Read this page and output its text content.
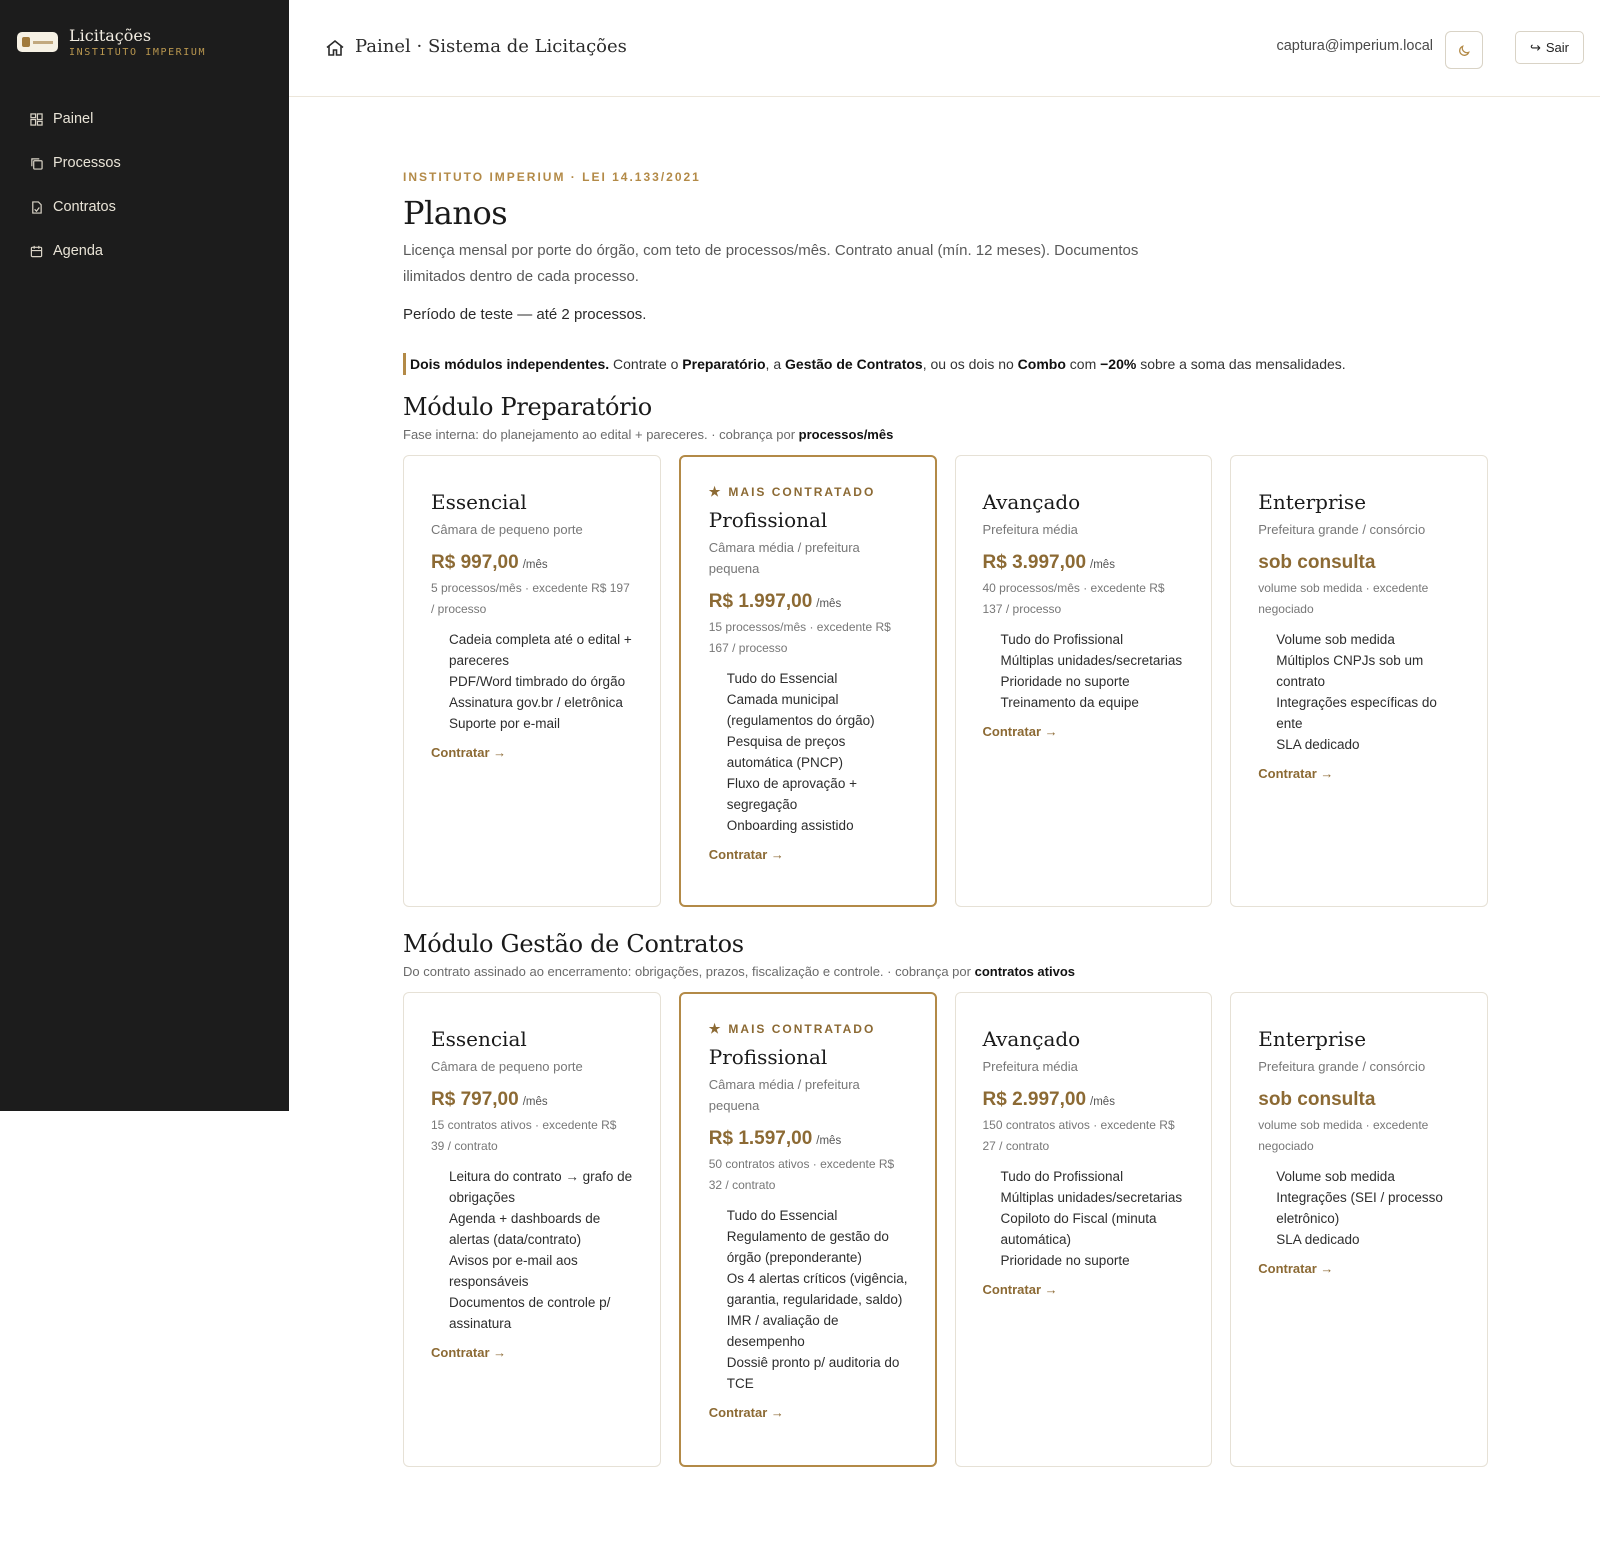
Licitações
INSTITUTO IMPERIUM
Painel
Processos
Contratos
Agenda
Painel · Sistema de Licitações	captura@imperium.local	↪ Sair
INSTITUTO IMPERIUM · LEI 14.133/2021
Planos

Licença mensal por porte do órgão, com teto de processos/mês. Contrato anual (mín. 12 meses). Documentos ilimitados dentro de cada processo.

Período de teste — até 2 processos.

Dois módulos independentes. Contrate o Preparatório, a Gestão de Contratos, ou os dois no Combo com −20% sobre a soma das mensalidades.
Módulo Preparatório

Fase interna: do planejamento ao edital + pareceres. · cobrança por processos/mês

Essencial
Câmara de pequeno porte
R$ 997,00 /mês
5 processos/mês · excedente R$ 197 / processo
Cadeia completa até o edital + pareceres
PDF/Word timbrado do órgão
Assinatura gov.br / eletrônica
Suporte por e-mail
Contratar →
★ MAIS CONTRATADO
Profissional
Câmara média / prefeitura pequena
R$ 1.997,00 /mês
15 processos/mês · excedente R$ 167 / processo
Tudo do Essencial
Camada municipal (regulamentos do órgão)
Pesquisa de preços automática (PNCP)
Fluxo de aprovação + segregação
Onboarding assistido
Contratar →
Avançado
Prefeitura média
R$ 3.997,00 /mês
40 processos/mês · excedente R$ 137 / processo
Tudo do Profissional
Múltiplas unidades/secretarias
Prioridade no suporte
Treinamento da equipe
Contratar →
Enterprise
Prefeitura grande / consórcio
sob consulta
volume sob medida · excedente negociado
Volume sob medida
Múltiplos CNPJs sob um contrato
Integrações específicas do ente
SLA dedicado
Contratar →
Módulo Gestão de Contratos

Do contrato assinado ao encerramento: obrigações, prazos, fiscalização e controle. · cobrança por contratos ativos

Essencial
Câmara de pequeno porte
R$ 797,00 /mês
15 contratos ativos · excedente R$ 39 / contrato
Leitura do contrato → grafo de obrigações
Agenda + dashboards de alertas (data/contrato)
Avisos por e-mail aos responsáveis
Documentos de controle p/ assinatura
Contratar →
★ MAIS CONTRATADO
Profissional
Câmara média / prefeitura pequena
R$ 1.597,00 /mês
50 contratos ativos · excedente R$ 32 / contrato
Tudo do Essencial
Regulamento de gestão do órgão (preponderante)
Os 4 alertas críticos (vigência, garantia, regularidade, saldo)
IMR / avaliação de desempenho
Dossiê pronto p/ auditoria do TCE
Contratar →
Avançado
Prefeitura média
R$ 2.997,00 /mês
150 contratos ativos · excedente R$ 27 / contrato
Tudo do Profissional
Múltiplas unidades/secretarias
Copiloto do Fiscal (minuta automática)
Prioridade no suporte
Contratar →
Enterprise
Prefeitura grande / consórcio
sob consulta
volume sob medida · excedente negociado
Volume sob medida
Integrações (SEI / processo eletrônico)
SLA dedicado
Contratar →
